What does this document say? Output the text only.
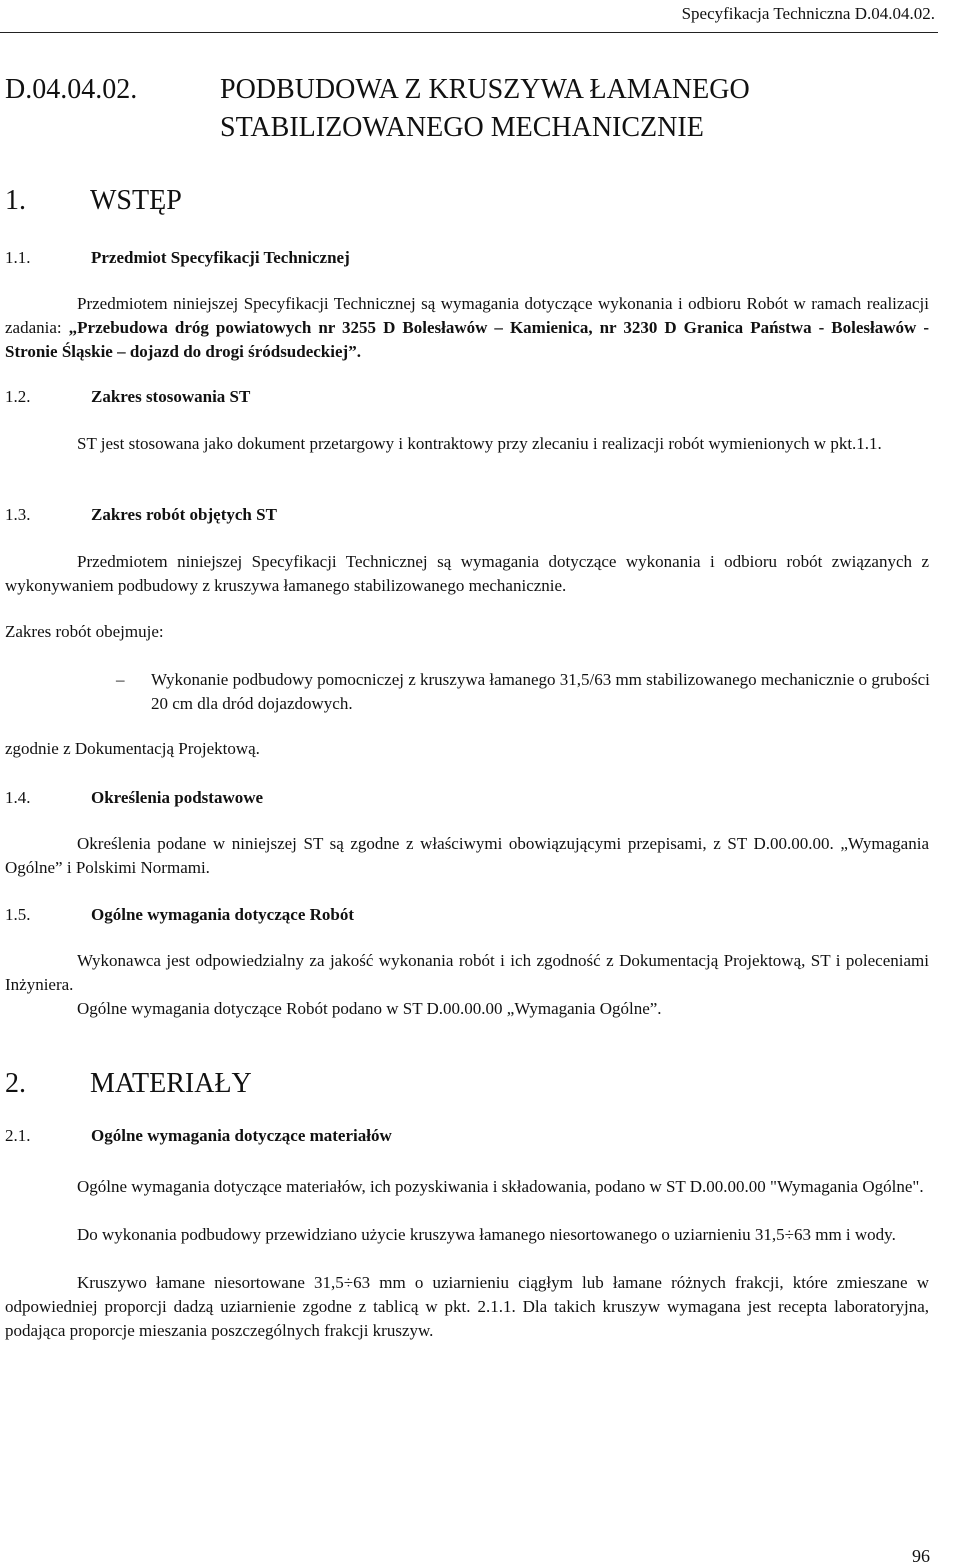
Specyfikacja Techniczna D.04.04.02.
D.04.04.02.	PODBUDOWA Z KRUSZYWA ŁAMANEGO STABILIZOWANEGO MECHANICZNIE
1. WSTĘP
1.1.	Przedmiot Specyfikacji Technicznej
Przedmiotem niniejszej Specyfikacji Technicznej są wymagania dotyczące wykonania i odbioru Robót w ramach realizacji zadania: „Przebudowa dróg powiatowych nr 3255 D Bolesławów – Kamienica, nr 3230 D Granica Państwa - Bolesławów - Stronie Śląskie – dojazd do drogi śródsudeckiej”.
1.2.	Zakres stosowania ST
ST jest stosowana jako dokument przetargowy i kontraktowy przy zlecaniu i realizacji robót wymienionych w pkt.1.1.
1.3.	Zakres robót objętych ST
Przedmiotem niniejszej Specyfikacji Technicznej są wymagania dotyczące wykonania i odbioru robót związanych z wykonywaniem podbudowy z kruszywa łamanego stabilizowanego mechanicznie.
Zakres robót obejmuje:
–	Wykonanie podbudowy pomocniczej z kruszywa łamanego 31,5/63 mm stabilizowanego mechanicznie o grubości 20 cm dla dród dojazdowych.
zgodnie z Dokumentacją Projektową.
1.4.	Określenia podstawowe
Określenia podane w niniejszej ST są zgodne z właściwymi obowiązującymi przepisami, z ST D.00.00.00. „Wymagania Ogólne” i Polskimi Normami.
1.5.	Ogólne wymagania dotyczące Robót
Wykonawca jest odpowiedzialny za jakość wykonania robót i ich zgodność z Dokumentacją Projektową, ST i poleceniami Inżyniera.
Ogólne wymagania dotyczące Robót podano w ST D.00.00.00 „Wymagania Ogólne”.
2. MATERIAŁY
2.1.	Ogólne wymagania dotyczące materiałów
Ogólne wymagania dotyczące materiałów, ich pozyskiwania i składowania, podano w ST D.00.00.00 "Wymagania Ogólne".
Do wykonania podbudowy przewidziano użycie kruszywa łamanego niesortowanego o uziarnieniu 31,5÷63 mm i wody.
Kruszywo łamane niesortowane 31,5÷63 mm o uziarnieniu ciągłym lub łamane różnych frakcji, które zmieszane w odpowiedniej proporcji dadzą uziarnienie zgodne z tablicą w pkt. 2.1.1. Dla takich kruszyw wymagana jest recepta laboratoryjna, podająca proporcje mieszania poszczególnych frakcji kruszyw.
96
